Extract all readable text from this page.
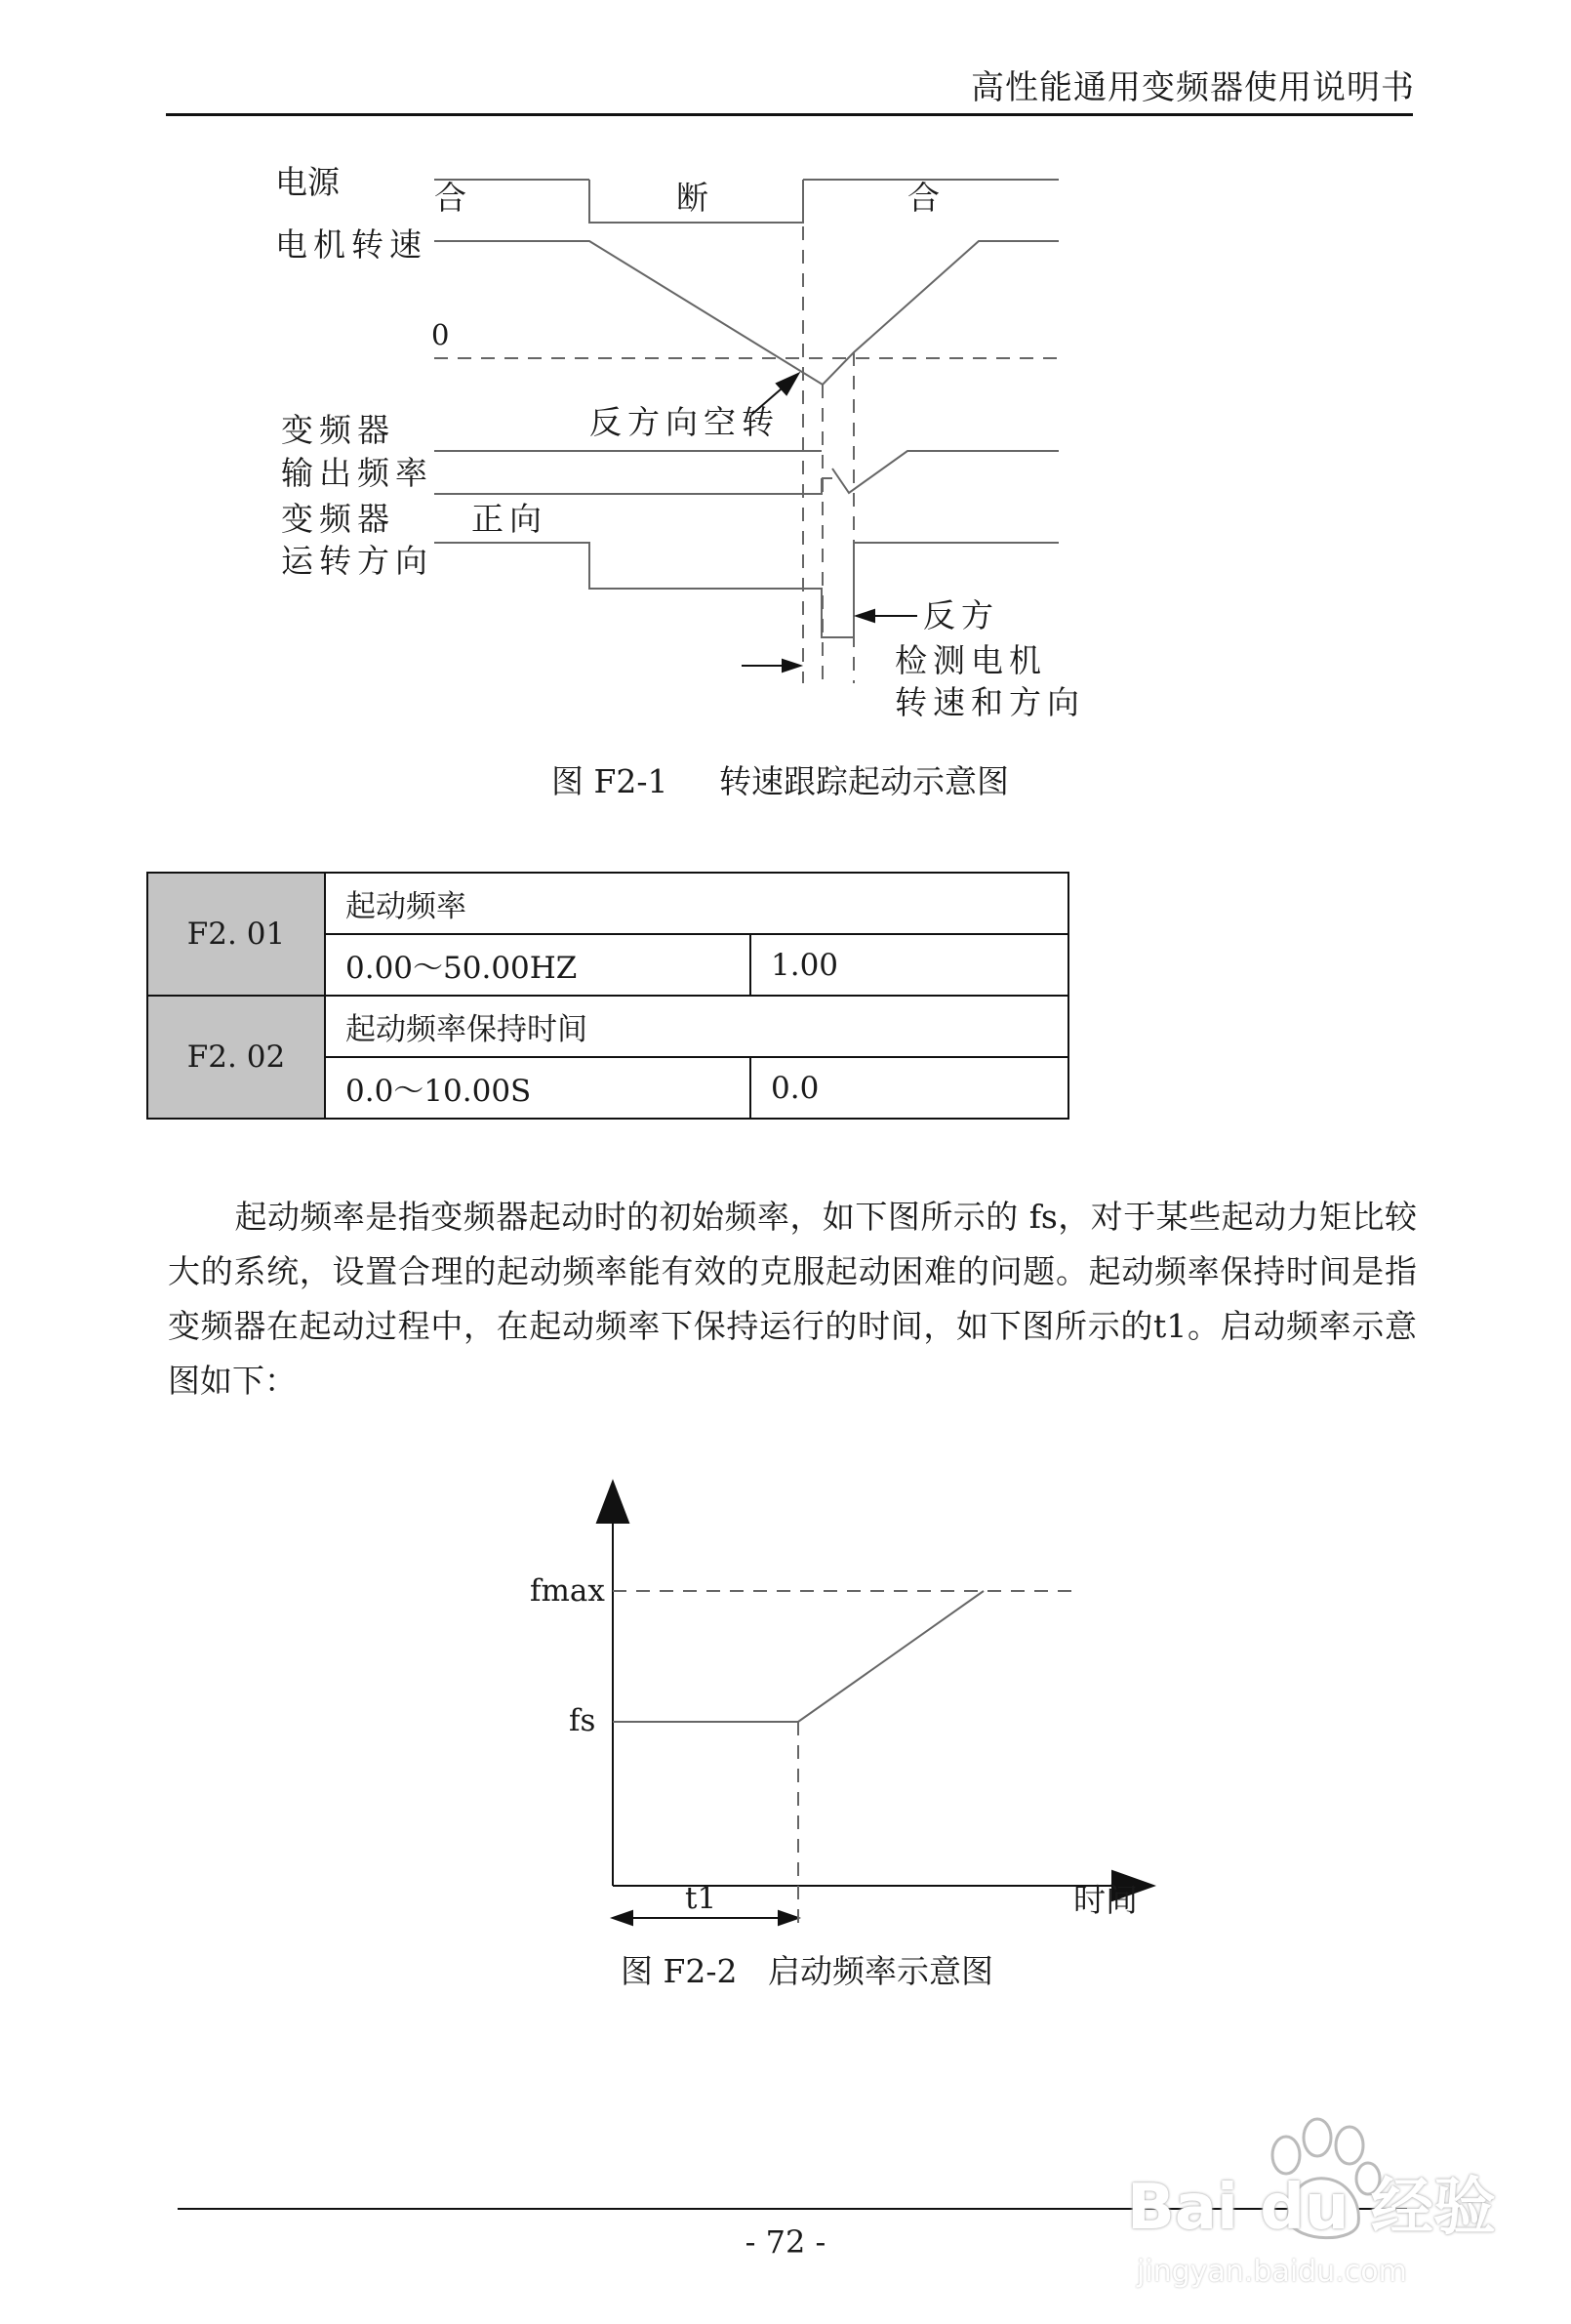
高性能通用变频器使用说明书
电源	合	断	合
电机转速
0
反方向空转
变频器
输出频率
变频器
运转方向
正向
反方
检测电机
转速和方向
图 F2-1     转速跟踪起动示意图
F2. 01	起动频率	
	0.00～50.00HZ	1.00
F2. 02	起动频率保持时间	
	0.0～10.00S	0.0

起动频率是指变频器起动时的初始频率，如下图所示的 fs，对于某些起动力矩比较大的系统，设置合理的起动频率能有效的克服起动困难的问题。起动频率保持时间是指变频器在起动过程中，在起动频率下保持运行的时间，如下图所示的t1。启动频率示意图如下：

fmax
fs
t1	时间
图 F2-2   启动频率示意图
- 72 -	Bai du 经验
jingyan.baidu.com
